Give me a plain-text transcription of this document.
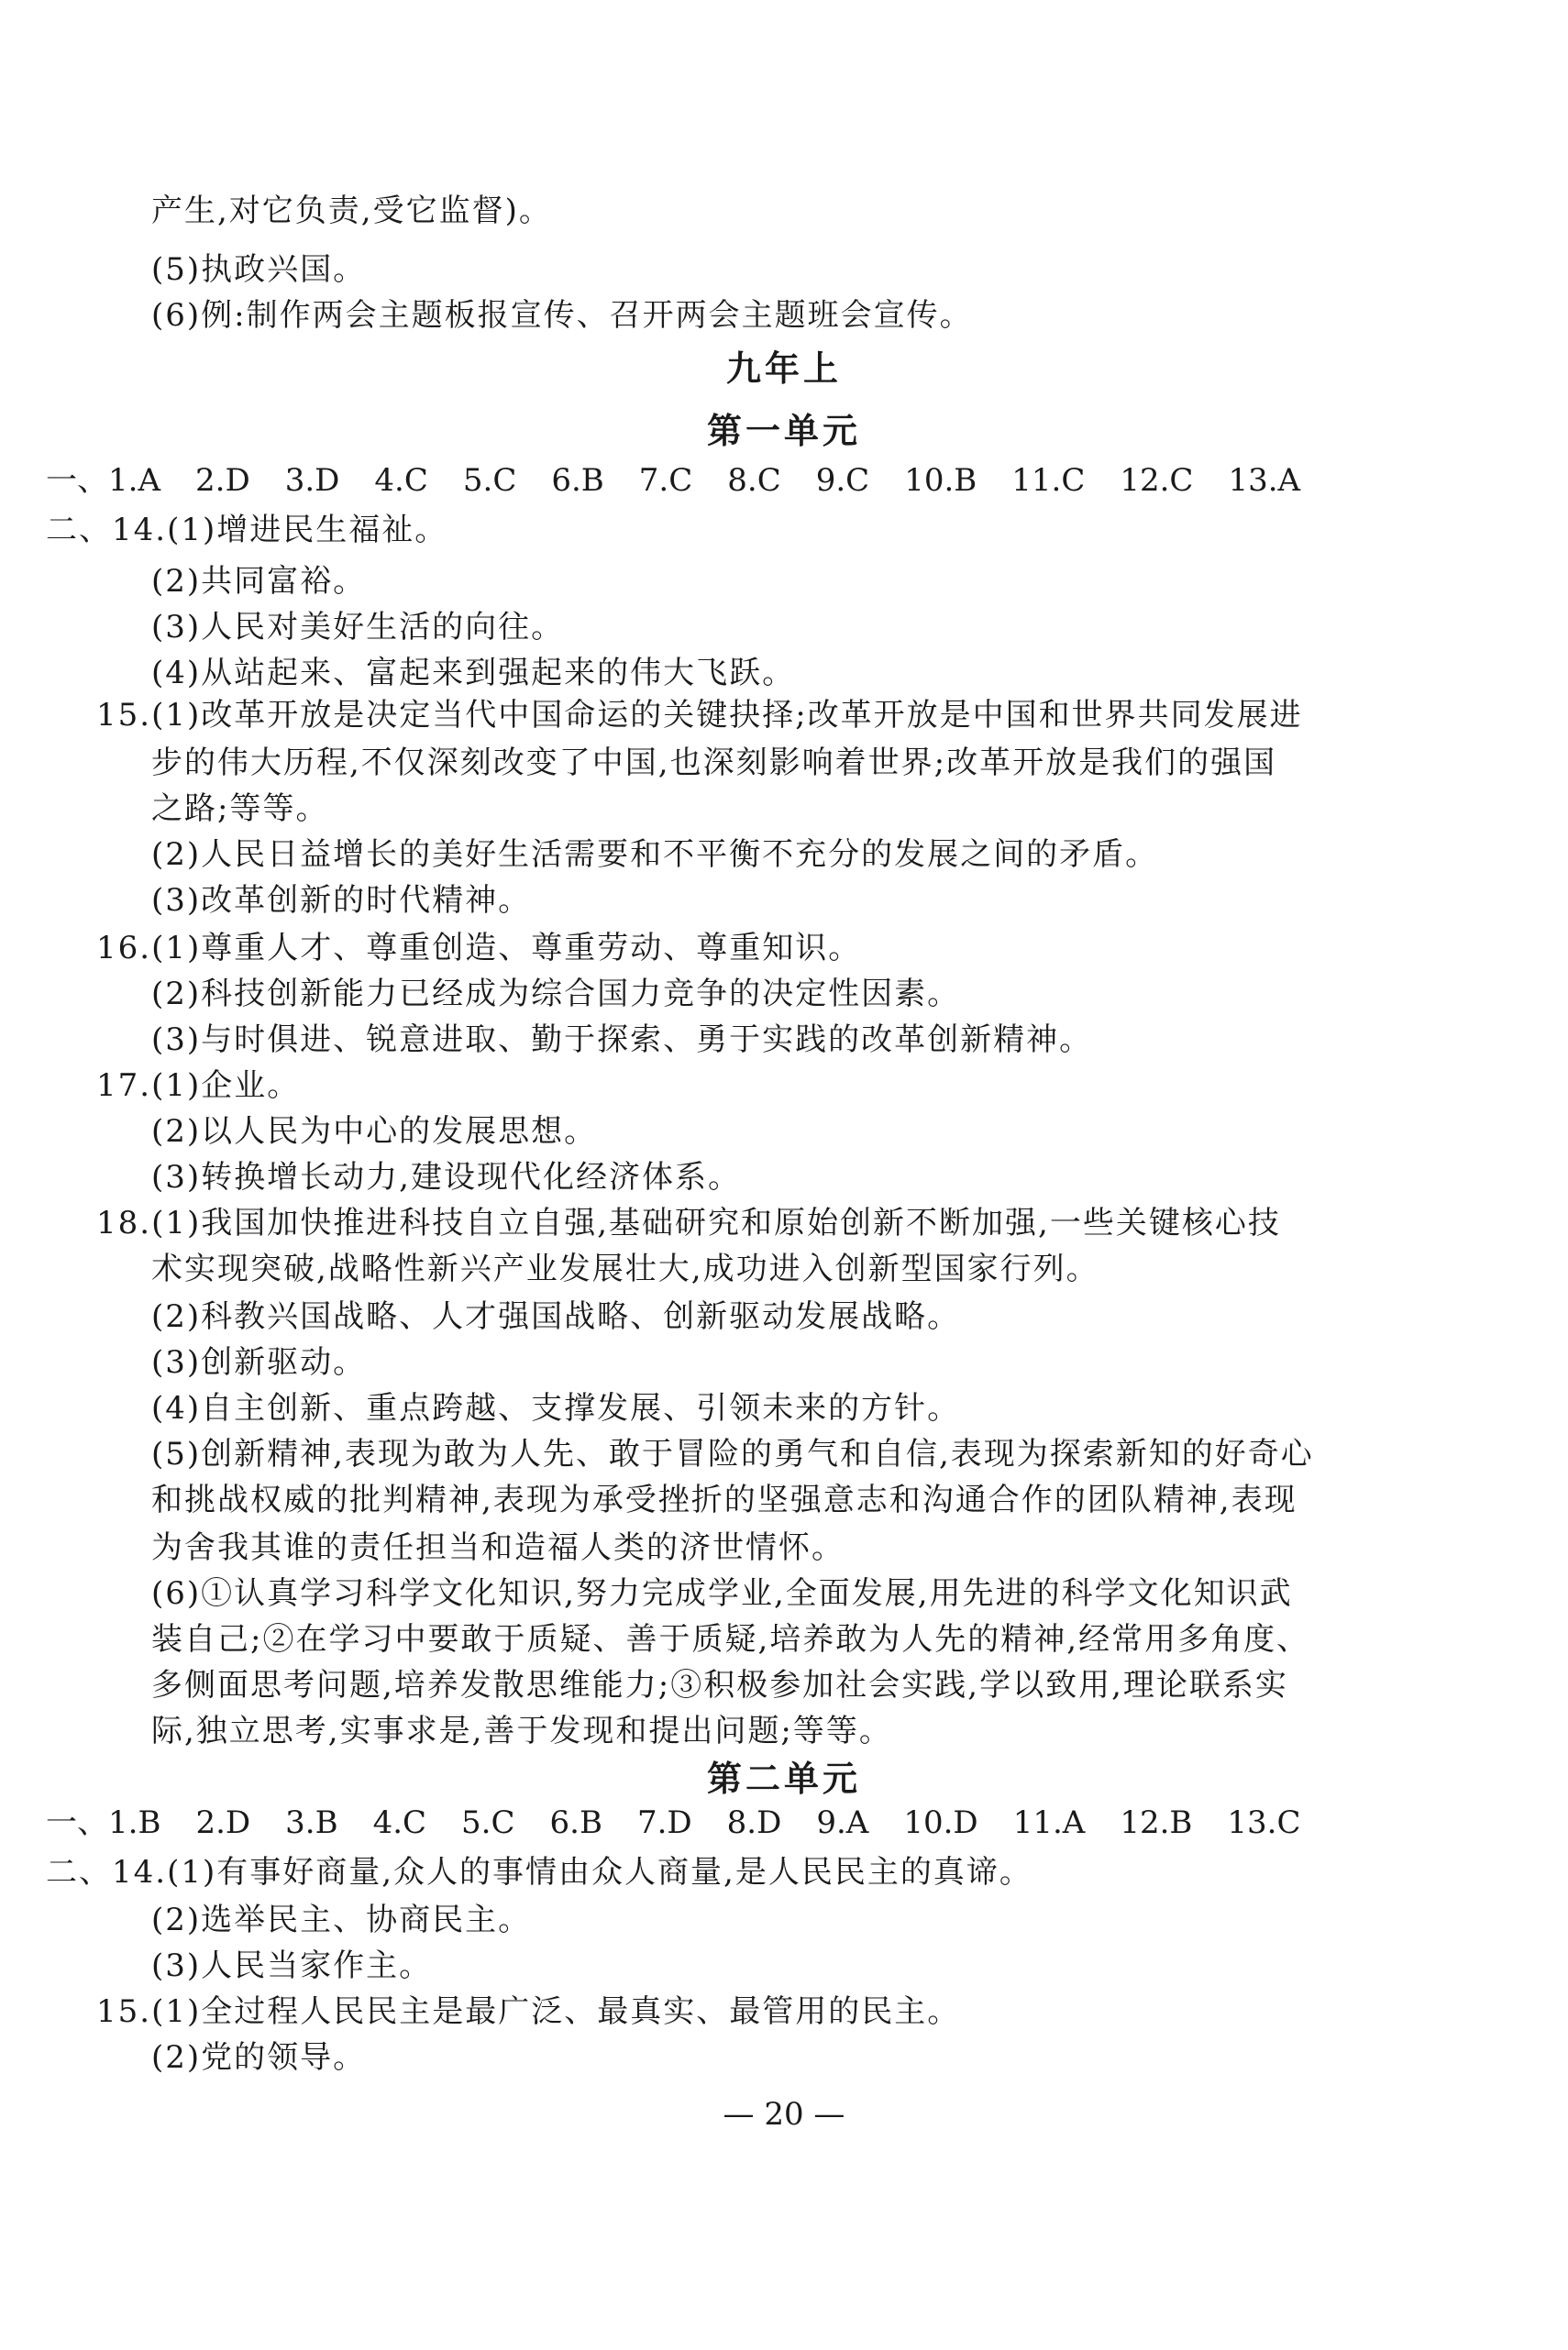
产生,对它负责,受它监督)。
(5)执政兴国。
(6)例:制作两会主题板报宣传、召开两会主题班会宣传。
九年上
第一单元
一、1.A 2.D 3.D 4.C 5.C 6.B 7.C 8.C 9.C 10.B 11.C 12.C 13.A
二、14.(1)增进民生福祉。
(2)共同富裕。
(3)人民对美好生活的向往。
(4)从站起来、富起来到强起来的伟大飞跃。
15.(1)改革开放是决定当代中国命运的关键抉择;改革开放是中国和世界共同发展进
步的伟大历程,不仅深刻改变了中国,也深刻影响着世界;改革开放是我们的强国
之路;等等。
(2)人民日益增长的美好生活需要和不平衡不充分的发展之间的矛盾。
(3)改革创新的时代精神。
16.(1)尊重人才、尊重创造、尊重劳动、尊重知识。
(2)科技创新能力已经成为综合国力竞争的决定性因素。
(3)与时俱进、锐意进取、勤于探索、勇于实践的改革创新精神。
17.(1)企业。
(2)以人民为中心的发展思想。
(3)转换增长动力,建设现代化经济体系。
18.(1)我国加快推进科技自立自强,基础研究和原始创新不断加强,一些关键核心技
术实现突破,战略性新兴产业发展壮大,成功进入创新型国家行列。
(2)科教兴国战略、人才强国战略、创新驱动发展战略。
(3)创新驱动。
(4)自主创新、重点跨越、支撑发展、引领未来的方针。
(5)创新精神,表现为敢为人先、敢于冒险的勇气和自信,表现为探索新知的好奇心
和挑战权威的批判精神,表现为承受挫折的坚强意志和沟通合作的团队精神,表现
为舍我其谁的责任担当和造福人类的济世情怀。
(6)①认真学习科学文化知识,努力完成学业,全面发展,用先进的科学文化知识武
装自己;②在学习中要敢于质疑、善于质疑,培养敢为人先的精神,经常用多角度、
多侧面思考问题,培养发散思维能力;③积极参加社会实践,学以致用,理论联系实
际,独立思考,实事求是,善于发现和提出问题;等等。
第二单元
一、1.B 2.D 3.B 4.C 5.C 6.B 7.D 8.D 9.A 10.D 11.A 12.B 13.C
二、14.(1)有事好商量,众人的事情由众人商量,是人民民主的真谛。
(2)选举民主、协商民主。
(3)人民当家作主。
15.(1)全过程人民民主是最广泛、最真实、最管用的民主。
(2)党的领导。
— 20 —
